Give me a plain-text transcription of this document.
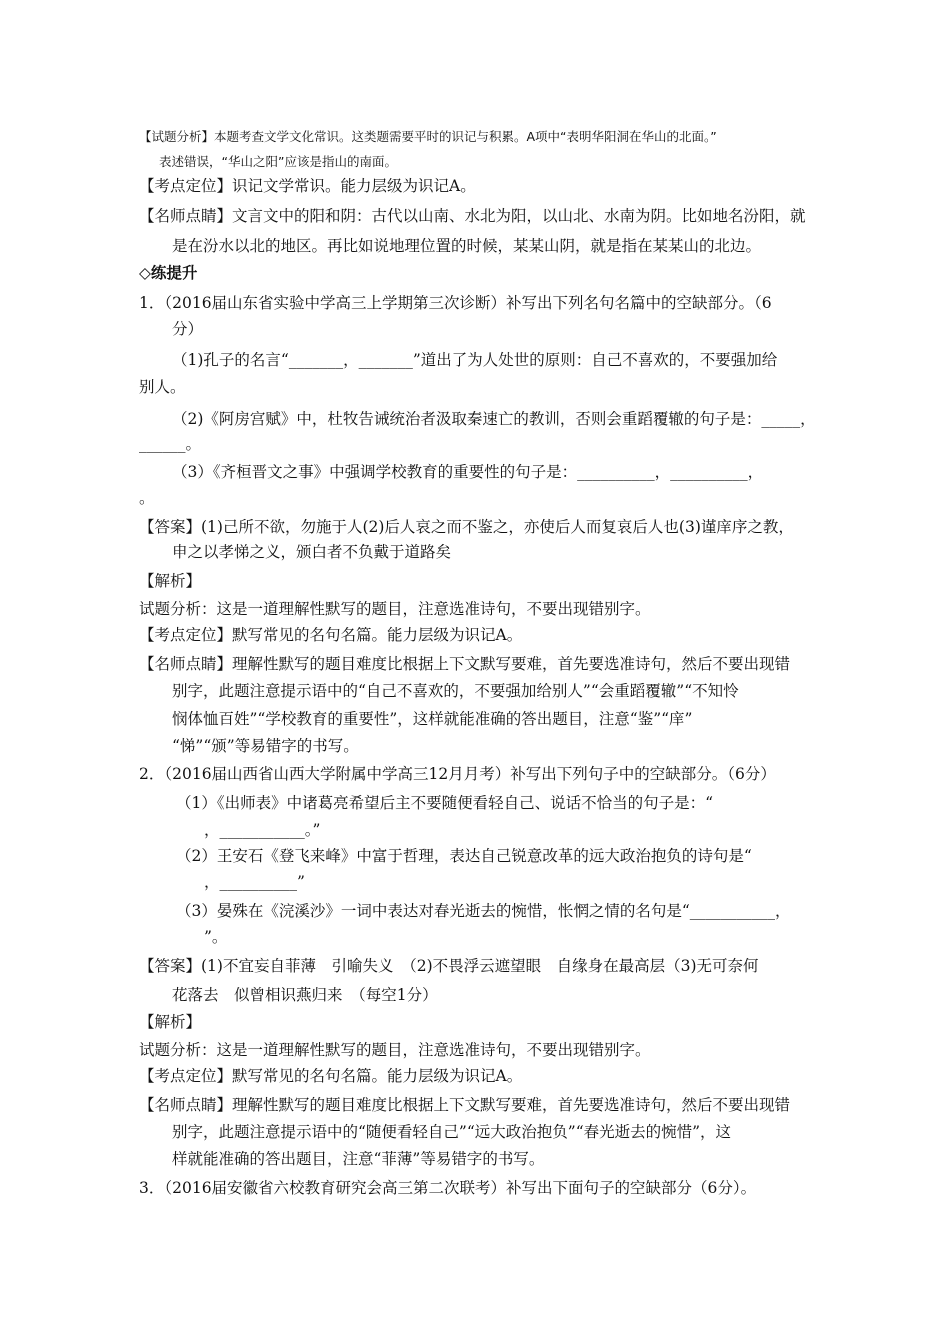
【试题分析】本题考查文学文化常识。这类题需要平时的识记与积累。A项中“表明华阳洞在华山的北面。”
表述错误，“华山之阳”应该是指山的南面。
【考点定位】识记文学常识。能力层级为识记A。
【名师点睛】文言文中的阳和阴：古代以山南、水北为阳，以山北、水南为阴。比如地名汾阳，就
是在汾水以北的地区。再比如说地理位置的时候，某某山阴，就是指在某某山的北边。
◇练提升
1．（2016届山东省实验中学高三上学期第三次诊断）补写出下列名句名篇中的空缺部分。（6
分）
（1)孔子的名言“_______，_______”道出了为人处世的原则：自己不喜欢的，不要强加给
别人。
（2)《阿房宫赋》中，杜牧告诫统治者汲取秦速亡的教训，否则会重蹈覆辙的句子是：_____，
______。
（3）《齐桓晋文之事》中强调学校教育的重要性的句子是：__________，__________，
。
【答案】(1)己所不欲，勿施于人(2)后人哀之而不鉴之，亦使后人而复哀后人也(3)谨庠序之教，
申之以孝悌之义，颁白者不负戴于道路矣
【解析】
试题分析：这是一道理解性默写的题目，注意选准诗句，不要出现错别字。
【考点定位】默写常见的名句名篇。能力层级为识记A。
【名师点睛】理解性默写的题目难度比根据上下文默写要难，首先要选准诗句，然后不要出现错
别字，此题注意提示语中的“自己不喜欢的，不要强加给别人”“会重蹈覆辙”“不知怜
悯体恤百姓”“学校教育的重要性”，这样就能准确的答出题目，注意“鉴”“庠”
“悌”“颁”等易错字的书写。
2．（2016届山西省山西大学附属中学高三12月月考）补写出下列句子中的空缺部分。（6分）
（1）《出师表》中诸葛亮希望后主不要随便看轻自己、说话不恰当的句子是：“
，___________。”
（2）王安石《登飞来峰》中富于哲理，表达自己锐意改革的远大政治抱负的诗句是“
，__________”
（3）晏殊在《浣溪沙》一词中表达对春光逝去的惋惜，怅惘之情的名句是“___________，
”。
【答案】(1)不宜妄自菲薄　引喻失义　（2)不畏浮云遮望眼　自缘身在最高层（3)无可奈何
花落去　似曾相识燕归来　（每空1分）
【解析】
试题分析：这是一道理解性默写的题目，注意选准诗句，不要出现错别字。
【考点定位】默写常见的名句名篇。能力层级为识记A。
【名师点睛】理解性默写的题目难度比根据上下文默写要难，首先要选准诗句，然后不要出现错
别字，此题注意提示语中的“随便看轻自己”“远大政治抱负”“春光逝去的惋惜”，这
样就能准确的答出题目，注意“菲薄”等易错字的书写。
3．（2016届安徽省六校教育研究会高三第二次联考）补写出下面句子的空缺部分（6分）。
